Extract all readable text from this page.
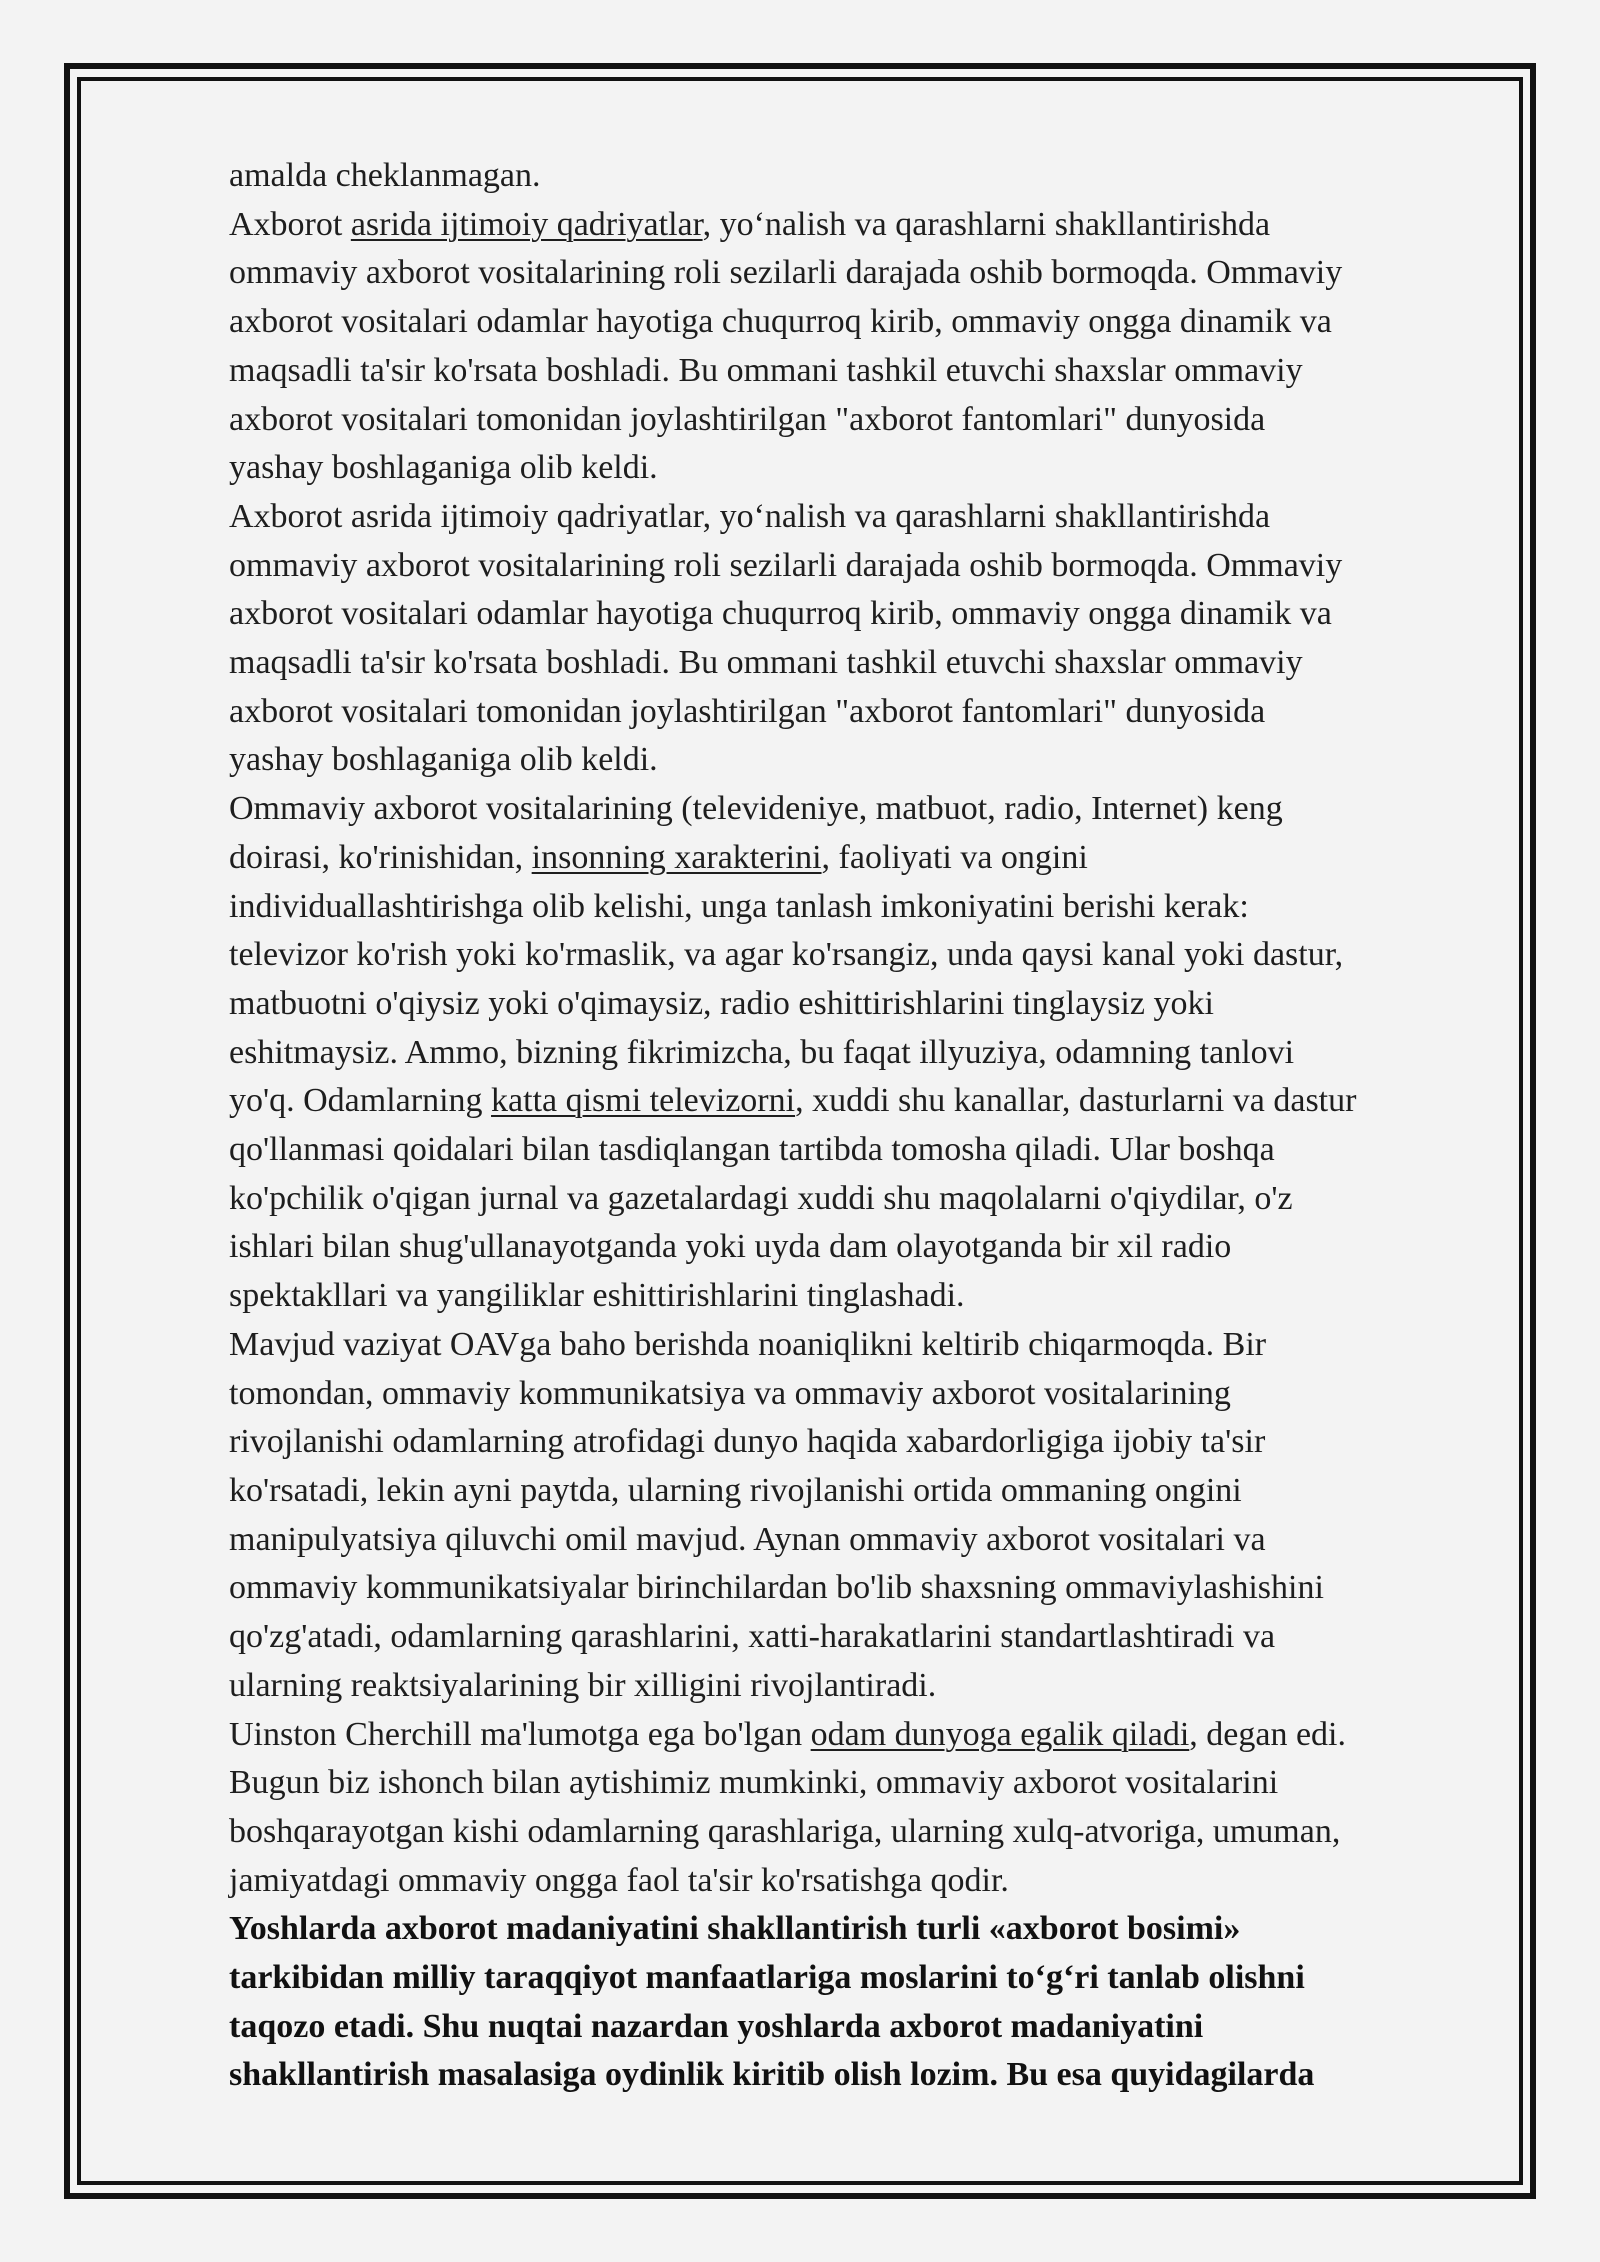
amalda cheklanmagan.
Axborot asrida ijtimoiy qadriyatlar, yo‘nalish va qarashlarni shakllantirishda
ommaviy axborot vositalarining roli sezilarli darajada oshib bormoqda. Ommaviy
axborot vositalari odamlar hayotiga chuqurroq kirib, ommaviy ongga dinamik va
maqsadli ta'sir ko'rsata boshladi. Bu ommani tashkil etuvchi shaxslar ommaviy
axborot vositalari tomonidan joylashtirilgan "axborot fantomlari" dunyosida
yashay boshlaganiga olib keldi.
Axborot asrida ijtimoiy qadriyatlar, yo‘nalish va qarashlarni shakllantirishda
ommaviy axborot vositalarining roli sezilarli darajada oshib bormoqda. Ommaviy
axborot vositalari odamlar hayotiga chuqurroq kirib, ommaviy ongga dinamik va
maqsadli ta'sir ko'rsata boshladi. Bu ommani tashkil etuvchi shaxslar ommaviy
axborot vositalari tomonidan joylashtirilgan "axborot fantomlari" dunyosida
yashay boshlaganiga olib keldi.
Ommaviy axborot vositalarining (televideniye, matbuot, radio, Internet) keng
doirasi, ko'rinishidan, insonning xarakterini, faoliyati va ongini
individuallashtirishga olib kelishi, unga tanlash imkoniyatini berishi kerak:
televizor ko'rish yoki ko'rmaslik, va agar ko'rsangiz, unda qaysi kanal yoki dastur,
matbuotni o'qiysiz yoki o'qimaysiz, radio eshittirishlarini tinglaysiz yoki
eshitmaysiz. Ammo, bizning fikrimizcha, bu faqat illyuziya, odamning tanlovi
yo'q. Odamlarning katta qismi televizorni, xuddi shu kanallar, dasturlarni va dastur
qo'llanmasi qoidalari bilan tasdiqlangan tartibda tomosha qiladi. Ular boshqa
ko'pchilik o'qigan jurnal va gazetalardagi xuddi shu maqolalarni o'qiydilar, o'z
ishlari bilan shug'ullanayotganda yoki uyda dam olayotganda bir xil radio
spektakllari va yangiliklar eshittirishlarini tinglashadi.
Mavjud vaziyat OAVga baho berishda noaniqlikni keltirib chiqarmoqda. Bir
tomondan, ommaviy kommunikatsiya va ommaviy axborot vositalarining
rivojlanishi odamlarning atrofidagi dunyo haqida xabardorligiga ijobiy ta'sir
ko'rsatadi, lekin ayni paytda, ularning rivojlanishi ortida ommaning ongini
manipulyatsiya qiluvchi omil mavjud. Aynan ommaviy axborot vositalari va
ommaviy kommunikatsiyalar birinchilardan bo'lib shaxsning ommaviylashishini
qo'zg'atadi, odamlarning qarashlarini, xatti-harakatlarini standartlashtiradi va
ularning reaktsiyalarining bir xilligini rivojlantiradi.
Uinston Cherchill ma'lumotga ega bo'lgan odam dunyoga egalik qiladi, degan edi.
Bugun biz ishonch bilan aytishimiz mumkinki, ommaviy axborot vositalarini
boshqarayotgan kishi odamlarning qarashlariga, ularning xulq-atvoriga, umuman,
jamiyatdagi ommaviy ongga faol ta'sir ko'rsatishga qodir.
Yoshlarda axborot madaniyatini shakllantirish turli «axborot bosimi»
tarkibidan milliy taraqqiyot manfaatlariga moslarini to‘g‘ri tanlab olishni
taqozo etadi. Shu nuqtai nazardan yoshlarda axborot madaniyatini
shakllantirish masalasiga oydinlik kiritib olish lozim. Bu esa quyidagilarda
